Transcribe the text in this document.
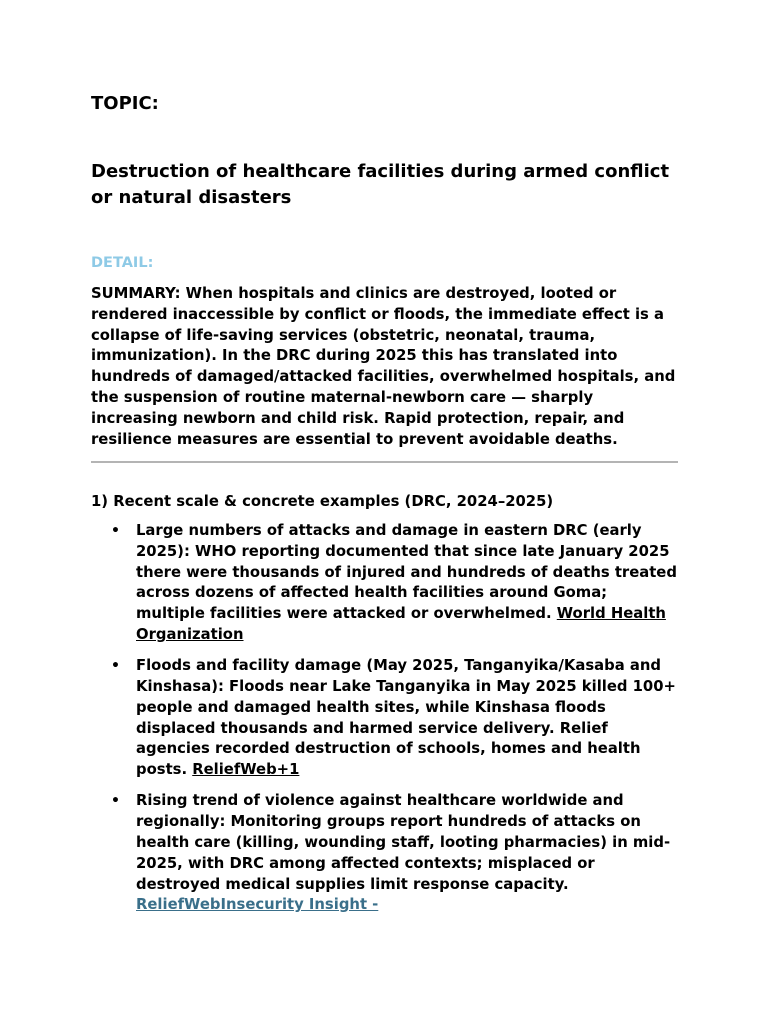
TOPIC:

Destruction of healthcare facilities during armed conflict or natural disasters

DETAIL:

SUMMARY: When hospitals and clinics are destroyed, looted or rendered inaccessible by conflict or floods, the immediate effect is a collapse of life-saving services (obstetric, neonatal, trauma, immunization). In the DRC during 2025 this has translated into hundreds of damaged/attacked facilities, overwhelmed hospitals, and the suspension of routine maternal-newborn care — sharply increasing newborn and child risk. Rapid protection, repair, and resilience measures are essential to prevent avoidable deaths.

1) Recent scale & concrete examples (DRC, 2024–2025)

• Large numbers of attacks and damage in eastern DRC (early 2025): WHO reporting documented that since late January 2025 there were thousands of injured and hundreds of deaths treated across dozens of affected health facilities around Goma; multiple facilities were attacked or overwhelmed. World Health Organization
• Floods and facility damage (May 2025, Tanganyika/Kasaba and Kinshasa): Floods near Lake Tanganyika in May 2025 killed 100+ people and damaged health sites, while Kinshasa floods displaced thousands and harmed service delivery. Relief agencies recorded destruction of schools, homes and health posts. ReliefWeb+1
• Rising trend of violence against healthcare worldwide and regionally: Monitoring groups report hundreds of attacks on health care (killing, wounding staff, looting pharmacies) in mid-2025, with DRC among affected contexts; misplaced or destroyed medical supplies limit response capacity. ReliefWebInsecurity Insight -
